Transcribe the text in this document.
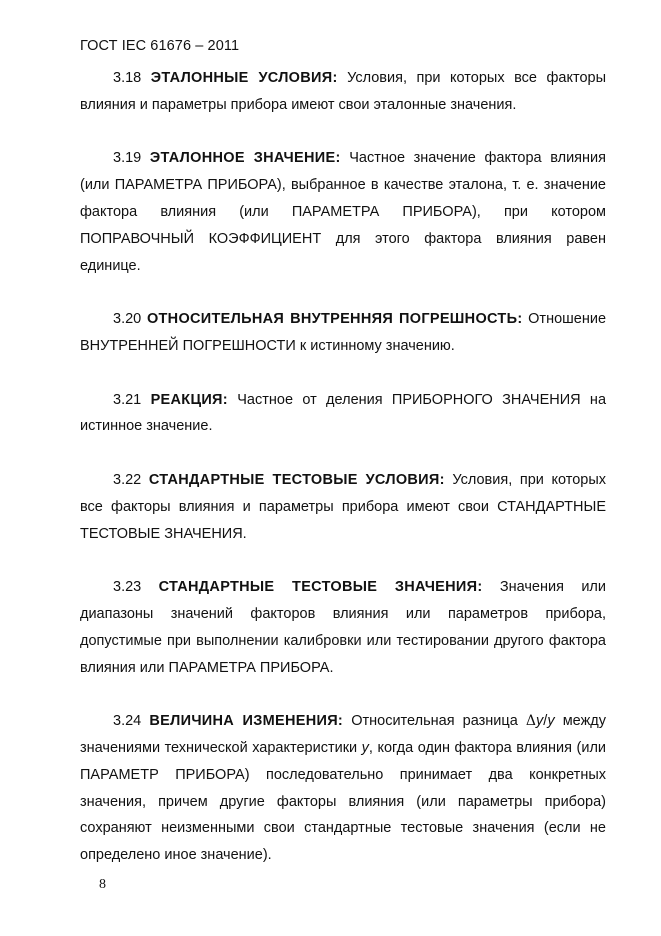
ГОСТ IEC 61676 – 2011

3.18 ЭТАЛОННЫЕ УСЛОВИЯ: Условия, при которых все факторы влияния и параметры прибора имеют свои эталонные значения.

3.19 ЭТАЛОННОЕ ЗНАЧЕНИЕ: Частное значение фактора влияния (или ПАРАМЕТРА ПРИБОРА), выбранное в качестве эталона, т. е. значение фактора влияния (или ПАРАМЕТРА ПРИБОРА), при котором ПОПРАВОЧНЫЙ КОЭФФИЦИЕНТ для этого фактора влияния равен единице.

3.20 ОТНОСИТЕЛЬНАЯ ВНУТРЕННЯЯ ПОГРЕШНОСТЬ: Отношение ВНУТРЕННЕЙ ПОГРЕШНОСТИ к истинному значению.

3.21 РЕАКЦИЯ: Частное от деления ПРИБОРНОГО ЗНАЧЕНИЯ на истинное значение.

3.22 СТАНДАРТНЫЕ ТЕСТОВЫЕ УСЛОВИЯ: Условия, при которых все факторы влияния и параметры прибора имеют свои СТАНДАРТНЫЕ ТЕСТОВЫЕ ЗНАЧЕНИЯ.

3.23 СТАНДАРТНЫЕ ТЕСТОВЫЕ ЗНАЧЕНИЯ: Значения или диапазоны значений факторов влияния или параметров прибора, допустимые при выполнении калибровки или тестировании другого фактора влияния или ПАРАМЕТРА ПРИБОРА.

3.24 ВЕЛИЧИНА ИЗМЕНЕНИЯ: Относительная разница Δy/y между значениями технической характеристики y, когда один фактора влияния (или ПАРАМЕТР ПРИБОРА) последовательно принимает два конкретных значения, причем другие факторы влияния (или параметры прибора) сохраняют неизменными свои стандартные тестовые значения (если не определено иное значение).

8
